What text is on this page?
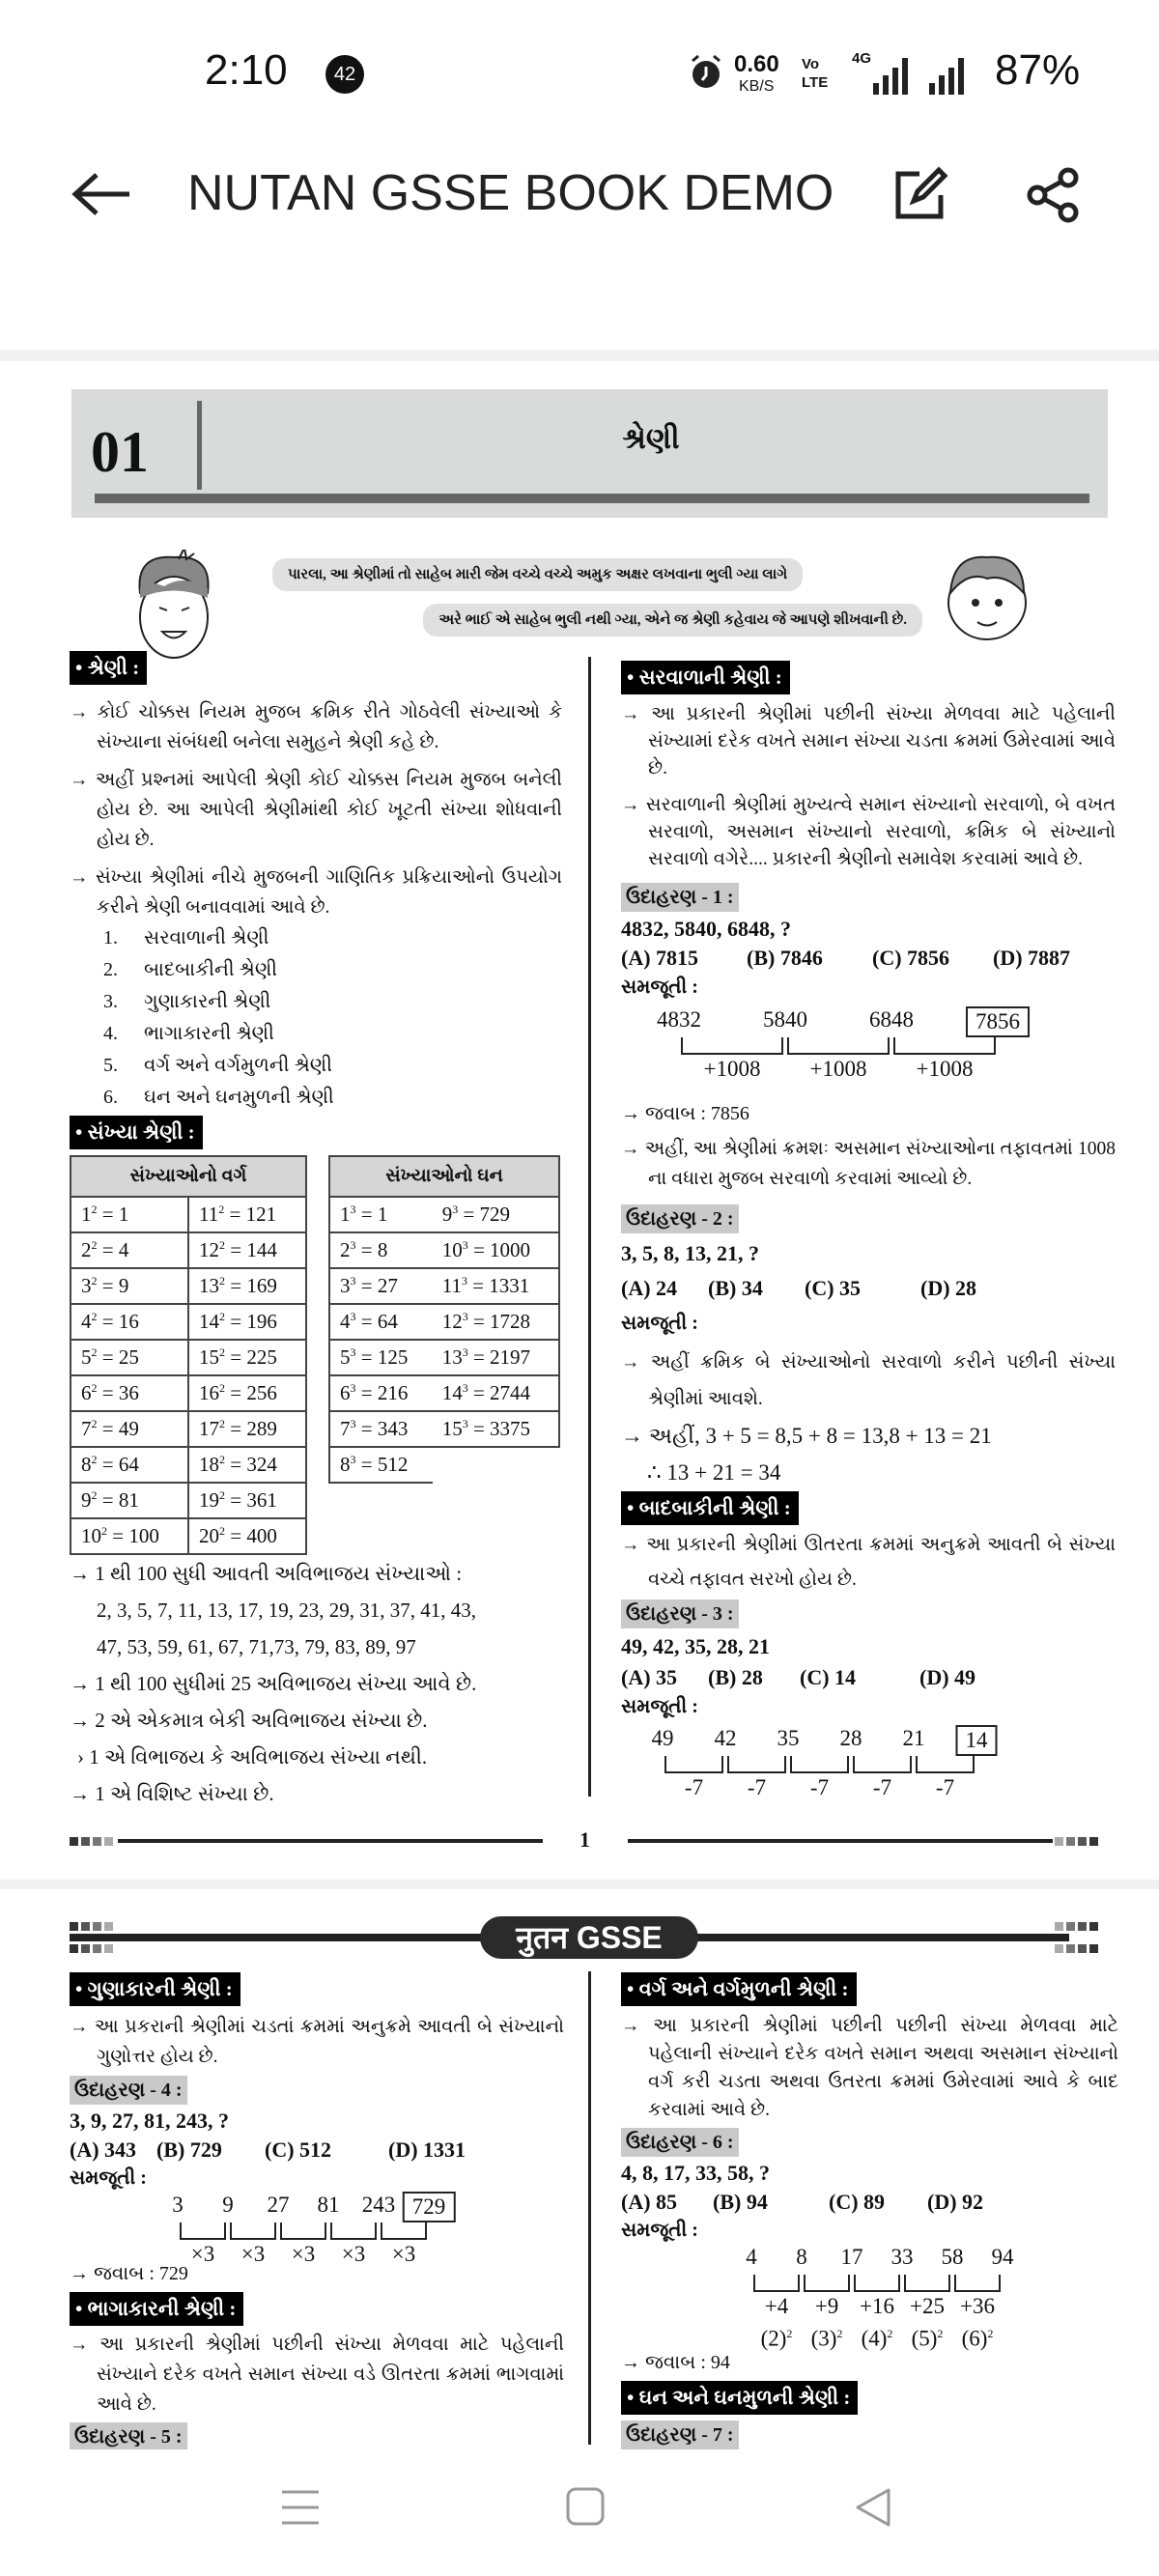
2:10	42	0.60
KB/S
Vo
LTE
4G	87%
NUTAN GSSE BOOK DEMO
01	શ્રેણી
પારલા, આ શ્રેણીમાં તો સાહેબ મારી જેમ વચ્ચે વચ્ચે અમુક અક્ષર લખવાના ભુલી ગ્યા લાગે
અરે ભાઈ એ સાહેબ ભુલી નથી ગ્યા, એને જ શ્રેણી કહેવાય જે આપણે શીખવાની છે.
• શ્રેણી :
→ કોઈ ચોક્કસ નિયમ મુજબ ક્રમિક રીતે ગોઠવેલી સંખ્યાઓ કે સંખ્યાના સંબંધથી બનેલા સમુહને શ્રેણી કહે છે.
→ અહીં પ્રશ્નમાં આપેલી શ્રેણી કોઈ ચોક્કસ નિયમ મુજબ બનેલી હોય છે. આ આપેલી શ્રેણીમાંથી કોઈ ખૂટતી સંખ્યા શોધવાની હોય છે.
→ સંખ્યા શ્રેણીમાં નીચે મુજબની ગાણિતિક પ્રક્રિયાઓનો ઉપયોગ કરીને શ્રેણી બનાવવામાં આવે છે.
1. સરવાળાની શ્રેણી
2. બાદબાકીની શ્રેણી
3. ગુણાકારની શ્રેણી
4. ભાગાકારની શ્રેણી
5. વર્ગ અને વર્ગમુળની શ્રેણી
6. ઘન અને ઘનમુળની શ્રેણી
• સંખ્યા શ્રેણી :
સંખ્યાઓનો વર્ગ	
$1^2 = 1$	$11^2 = 121$
$2^2 = 4$	$12^2 = 144$
$3^2 = 9$	$13^2 = 169$
$4^2 = 16$	$14^2 = 196$
$5^2 = 25$	$15^2 = 225$
$6^2 = 36$	$16^2 = 256$
$7^2 = 49$	$17^2 = 289$
$8^2 = 64$	$18^2 = 324$
$9^2 = 81$	$19^2 = 361$
$10^2 = 100$	$20^2 = 400$
સંખ્યાઓનો ઘન	
$1^3 = 1$	$9^3 = 729$
$2^3 = 8$	$10^3 = 1000$
$3^3 = 27$	$11^3 = 1331$
$4^3 = 64$	$12^3 = 1728$
$5^3 = 125$	$13^3 = 2197$
$6^3 = 216$	$14^3 = 2744$
$7^3 = 343$	$15^3 = 3375$
$8^3 = 512$	
→ 1 થી 100 સુધી આવતી અવિભાજય સંખ્યાઓ :
2, 3, 5, 7, 11, 13, 17, 19, 23, 29, 31, 37, 41, 43,
47, 53, 59, 61, 67, 71,73, 79, 83, 89, 97
→ 1 થી 100 સુધીમાં 25 અવિભાજય સંખ્યા આવે છે.
→ 2 એ એકમાત્ર બેકી અવિભાજય સંખ્યા છે.
› 1 એ વિભાજય કે અવિભાજય સંખ્યા નથી.
→ 1 એ વિશિષ્ટ સંખ્યા છે.
• સરવાળાની શ્રેણી :
→ આ પ્રકારની શ્રેણીમાં પછીની સંખ્યા મેળવવા માટે પહેલાની સંખ્યામાં દરેક વખતે સમાન સંખ્યા ચડતા ક્રમમાં ઉમેરવામાં આવે છે.
→ સરવાળાની શ્રેણીમાં મુખ્યત્વે સમાન સંખ્યાનો સરવાળો, બે વખત સરવાળો, અસમાન સંખ્યાનો સરવાળો, ક્રમિક બે સંખ્યાનો સરવાળો વગેરે.... પ્રકારની શ્રેણીનો સમાવેશ કરવામાં આવે છે.
ઉદાહરણ - 1 :
4832, 5840, 6848, ?
(A) 7815 (B) 7846 (C) 7856 (D) 7887
સમજૂતી :
4832	5840	6848	7856
+1008 +1008 +1008
→ જવાબ : 7856
→ અહીં, આ શ્રેણીમાં ક્રમશઃ અસમાન સંખ્યાઓના તફાવતમાં 1008 ના વધારા મુજબ સરવાળો કરવામાં આવ્યો છે.
ઉદાહરણ - 2 :
3, 5, 8, 13, 21, ?
(A) 24 (B) 34 (C) 35	(D) 28
સમજૂતી :
→ અહીં ક્રમિક બે સંખ્યાઓનો સરવાળો કરીને પછીની સંખ્યા શ્રેણીમાં આવશે.
→ અહીં, 3 + 5 = 8,5 + 8 = 13,8 + 13 = 21
∴ 13 + 21 = 34
• બાદબાકીની શ્રેણી :
→ આ પ્રકારની શ્રેણીમાં ઊતરતા ક્રમમાં અનુક્રમે આવતી બે સંખ્યા વચ્ચે તફાવત સરખો હોય છે.
ઉદાહરણ - 3 :
49, 42, 35, 28, 21
(A) 35 (B) 28 (C) 14	(D) 49
સમજૂતી :
49 42 35 28 21	14
-7 -7 -7 -7 -7
1
नुतन GSSE
• ગુણાકારની શ્રેણી :
→ આ પ્રકરાની શ્રેણીમાં ચડતાં ક્રમમાં અનુક્રમે આવતી બે સંખ્યાનો ગુણોત્તર હોય છે.
ઉદાહરણ - 4 :
3, 9, 27, 81, 243, ?
(A) 343 (B) 729 (C) 512	(D) 1331
સમજૂતી :
3 9 27 81 243 729
×3 ×3 ×3 ×3 ×3
→ જવાબ : 729
• ભાગાકારની શ્રેણી :
→ આ પ્રકારની શ્રેણીમાં પછીની સંખ્યા મેળવવા માટે પહેલાની સંખ્યાને દરેક વખતે સમાન સંખ્યા વડે ઊતરતા ક્રમમાં ભાગવામાં આવે છે.
ઉદાહરણ - 5 :
• વર્ગ અને વર્ગમુળની શ્રેણી :
→ આ પ્રકારની શ્રેણીમાં પછીની પછીની સંખ્યા મેળવવા માટે પહેલાની સંખ્યાને દરેક વખતે સમાન અથવા અસમાન સંખ્યાનો વર્ગ કરી ચડતા અથવા ઉતરતા ક્રમમાં ઉમેરવામાં આવે કે બાદ કરવામાં આવે છે.
ઉદાહરણ - 6 :
4, 8, 17, 33, 58, ?
(A) 85 (B) 94	(C) 89 (D) 92
સમજૂતી :
4 8 17 33 58 94
+4
$(2)^2$
+9
$(3)^2$
+16
$(4)^2$
+25
$(5)^2$
+36
$(6)^2$
→ જવાબ : 94
• ઘન અને ઘનમુળની શ્રેણી :
ઉદાહરણ - 7 :
